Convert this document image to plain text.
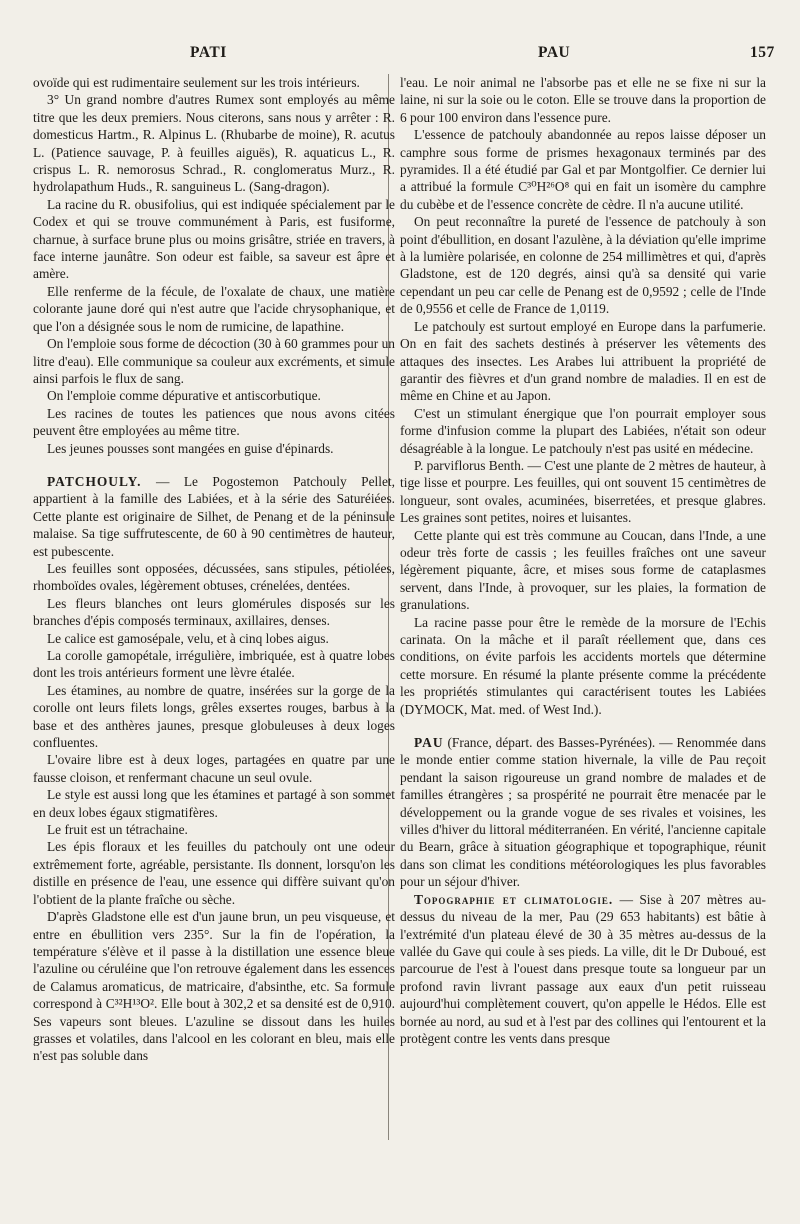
PATI	PAU	157

ovoïde qui est rudimentaire seulement sur les trois intérieurs.

3° Un grand nombre d'autres Rumex sont employés au même titre que les deux premiers. Nous citerons, sans nous y arrêter : R. domesticus Hartm., R. Alpinus L. (Rhubarbe de moine), R. acutus L. (Patience sauvage, P. à feuilles aiguës), R. aquaticus L., R. crispus L. R. nemorosus Schrad., R. conglomeratus Murz., R. hydrolapathum Huds., R. sanguineus L. (Sang-dragon).

La racine du R. obusifolius, qui est indiquée spécialement par le Codex et qui se trouve communément à Paris, est fusiforme, charnue, à surface brune plus ou moins grisâtre, striée en travers, à face interne jaunâtre. Son odeur est faible, sa saveur est âpre et amère.

Elle renferme de la fécule, de l'oxalate de chaux, une matière colorante jaune doré qui n'est autre que l'acide chrysophanique, et que l'on a désignée sous le nom de rumicine, de lapathine.

On l'emploie sous forme de décoction (30 à 60 grammes pour un litre d'eau). Elle communique sa couleur aux excréments, et simule ainsi parfois le flux de sang.

On l'emploie comme dépurative et antiscorbutique.

Les racines de toutes les patiences que nous avons citées peuvent être employées au même titre.

Les jeunes pousses sont mangées en guise d'épinards.

PATCHOULY. — Le Pogostemon Patchouly Pellet, appartient à la famille des Labiées, et à la série des Saturéiées. Cette plante est originaire de Silhet, de Penang et de la péninsule malaise. Sa tige suffrutescente, de 60 à 90 centimètres de hauteur, est pubescente.

Les feuilles sont opposées, décussées, sans stipules, pétiolées, rhomboïdes ovales, légèrement obtuses, crénelées, dentées.

Les fleurs blanches ont leurs glomérules disposés sur les branches d'épis composés terminaux, axillaires, denses.

Le calice est gamosépale, velu, et à cinq lobes aigus.

La corolle gamopétale, irrégulière, imbriquée, est à quatre lobes dont les trois antérieurs forment une lèvre étalée.

Les étamines, au nombre de quatre, insérées sur la gorge de la corolle ont leurs filets longs, grêles exsertes rouges, barbus à la base et des anthères jaunes, presque globuleuses à deux loges confluentes.

L'ovaire libre est à deux loges, partagées en quatre par une fausse cloison, et renfermant chacune un seul ovule.

Le style est aussi long que les étamines et partagé à son sommet en deux lobes égaux stigmatifères.

Le fruit est un tétrachaine.

Les épis floraux et les feuilles du patchouly ont une odeur extrêmement forte, agréable, persistante. Ils donnent, lorsqu'on les distille en présence de l'eau, une essence qui diffère suivant qu'on l'obtient de la plante fraîche ou sèche.

D'après Gladstone elle est d'un jaune brun, un peu visqueuse, et entre en ébullition vers 235°. Sur la fin de l'opération, la température s'élève et il passe à la distillation une essence bleue l'azuline ou céruléine que l'on retrouve également dans les essences de Calamus aromaticus, de matricaire, d'absinthe, etc. Sa formule correspond à C³²H¹³O². Elle bout à 302,2 et sa densité est de 0,910. Ses vapeurs sont bleues. L'azuline se dissout dans les huiles grasses et volatiles, dans l'alcool en les colorant en bleu, mais elle n'est pas soluble dans

l'eau. Le noir animal ne l'absorbe pas et elle ne se fixe ni sur la laine, ni sur la soie ou le coton. Elle se trouve dans la proportion de 6 pour 100 environ dans l'essence pure.

L'essence de patchouly abandonnée au repos laisse déposer un camphre sous forme de prismes hexagonaux terminés par des pyramides. Il a été étudié par Gal et par Montgolfier. Ce dernier lui a attribué la formule C³⁰H²⁶O⁸ qui en fait un isomère du camphre du cubèbe et de l'essence concrète de cèdre. Il n'a aucune utilité.

On peut reconnaître la pureté de l'essence de patchouly à son point d'ébullition, en dosant l'azulène, à la déviation qu'elle imprime à la lumière polarisée, en colonne de 254 millimètres et qui, d'après Gladstone, est de 120 degrés, ainsi qu'à sa densité qui varie cependant un peu car celle de Penang est de 0,9592 ; celle de l'Inde de 0,9556 et celle de France de 1,0119.

Le patchouly est surtout employé en Europe dans la parfumerie. On en fait des sachets destinés à préserver les vêtements des attaques des insectes. Les Arabes lui attribuent la propriété de garantir des fièvres et d'un grand nombre de maladies. Il en est de même en Chine et au Japon.

C'est un stimulant énergique que l'on pourrait employer sous forme d'infusion comme la plupart des Labiées, n'était son odeur désagréable à la longue. Le patchouly n'est pas usité en médecine.

P. parviflorus Benth. — C'est une plante de 2 mètres de hauteur, à tige lisse et pourpre. Les feuilles, qui ont souvent 15 centimètres de longueur, sont ovales, acuminées, biserretées, et presque glabres. Les graines sont petites, noires et luisantes.

Cette plante qui est très commune au Coucan, dans l'Inde, a une odeur très forte de cassis ; les feuilles fraîches ont une saveur légèrement piquante, âcre, et mises sous forme de cataplasmes servent, dans l'Inde, à provoquer, sur les plaies, la formation de granulations.

La racine passe pour être le remède de la morsure de l'Echis carinata. On la mâche et il paraît réellement que, dans ces conditions, on évite parfois les accidents mortels que détermine cette morsure. En résumé la plante présente comme la précédente les propriétés stimulantes qui caractérisent toutes les Labiées (DYMOCK, Mat. med. of West Ind.).

PAU (France, départ. des Basses-Pyrénées). — Renommée dans le monde entier comme station hivernale, la ville de Pau reçoit pendant la saison rigoureuse un grand nombre de malades et de familles étrangères ; sa prospérité ne pourrait être menacée par le développement ou la grande vogue de ses rivales et voisines, les villes d'hiver du littoral méditerranéen. En vérité, l'ancienne capitale du Bearn, grâce à situation géographique et topographique, réunit dans son climat les conditions météorologiques les plus favorables pour un séjour d'hiver.

Topographie et climatologie. — Sise à 207 mètres au-dessus du niveau de la mer, Pau (29 653 habitants) est bâtie à l'extrémité d'un plateau élevé de 30 à 35 mètres au-dessus de la vallée du Gave qui coule à ses pieds. La ville, dit le Dr Duboué, est parcourue de l'est à l'ouest dans presque toute sa longueur par un profond ravin livrant passage aux eaux d'un petit ruisseau aujourd'hui complètement couvert, qu'on appelle le Hédos. Elle est bornée au nord, au sud et à l'est par des collines qui l'entourent et la protègent contre les vents dans presque
